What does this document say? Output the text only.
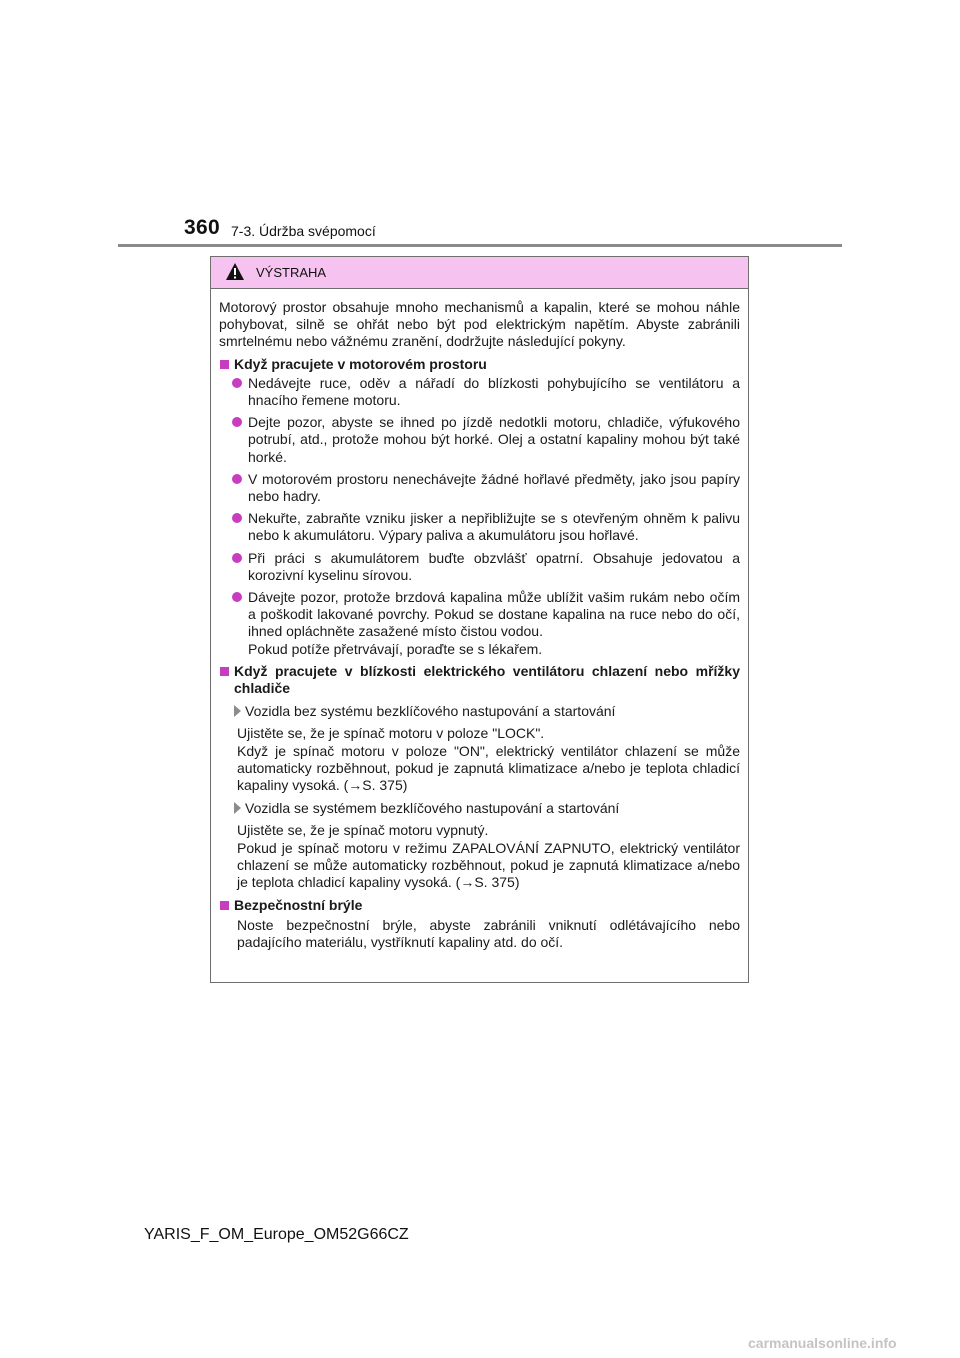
360 7-3. Údržba svépomocí
VÝSTRAHA

Motorový prostor obsahuje mnoho mechanismů a kapalin, které se mohou náhle pohybovat, silně se ohřát nebo být pod elektrickým napětím. Abyste zabránili smrtelnému nebo vážnému zranění, dodržujte následující pokyny.

Když pracujete v motorovém prostoru
Nedávejte ruce, oděv a nářadí do blízkosti pohybujícího se ventilátoru a hnacího řemene motoru.
Dejte pozor, abyste se ihned po jízdě nedotkli motoru, chladiče, výfukového potrubí, atd., protože mohou být horké. Olej a ostatní kapaliny mohou být také horké.
V motorovém prostoru nenechávejte žádné hořlavé předměty, jako jsou papíry nebo hadry.
Nekuřte, zabraňte vzniku jisker a nepřibližujte se s otevřeným ohněm k palivu nebo k akumulátoru. Výpary paliva a akumulátoru jsou hořlavé.
Při práci s akumulátorem buďte obzvlášť opatrní. Obsahuje jedovatou a korozivní kyselinu sírovou.
Dávejte pozor, protože brzdová kapalina může ublížit vašim rukám nebo očím a poškodit lakované povrchy. Pokud se dostane kapalina na ruce nebo do očí, ihned opláchněte zasažené místo čistou vodou.
Pokud potíže přetrvávají, poraďte se s lékařem.
Když pracujete v blízkosti elektrického ventilátoru chlazení nebo mřížky chladiče
Vozidla bez systému bezklíčového nastupování a startování
Ujistěte se, že je spínač motoru v poloze "LOCK".
Když je spínač motoru v poloze "ON", elektrický ventilátor chlazení se může automaticky rozběhnout, pokud je zapnutá klimatizace a/nebo je teplota chladicí kapaliny vysoká. (→S. 375)
Vozidla se systémem bezklíčového nastupování a startování
Ujistěte se, že je spínač motoru vypnutý.
Pokud je spínač motoru v režimu ZAPALOVÁNÍ ZAPNUTO, elektrický ventilátor chlazení se může automaticky rozběhnout, pokud je zapnutá klimatizace a/nebo je teplota chladicí kapaliny vysoká. (→S. 375)
Bezpečnostní brýle
Noste bezpečnostní brýle, abyste zabránili vniknutí odlétávajícího nebo padajícího materiálu, vystříknutí kapaliny atd. do očí.
YARIS_F_OM_Europe_OM52G66CZ
carmanualsonline.info
